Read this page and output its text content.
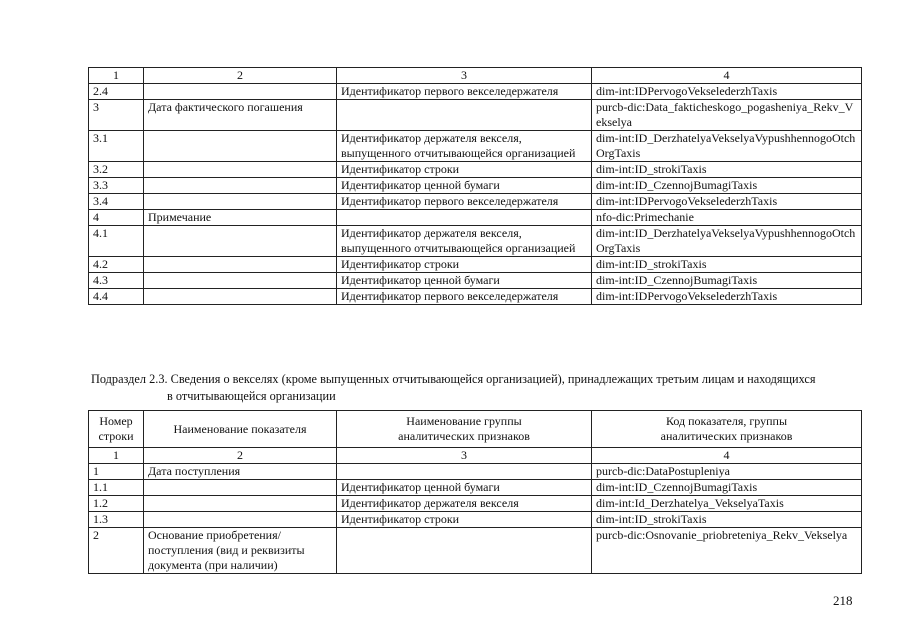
1	2	3	4
2.4		Идентификатор первого векселедержателя	dim-int:IDPervogoVekselederzhTaxis
3	Дата фактического погашения		purcb-dic:Data_fakticheskogo_pogasheniya_Rekv_Vekselya
3.1		Идентификатор держателя векселя, выпущенного отчитывающейся организацией	dim-int:ID_DerzhatelyaVekselyaVypushhennogoOtchOrgTaxis
3.2		Идентификатор строки	dim-int:ID_strokiTaxis
3.3		Идентификатор ценной бумаги	dim-int:ID_CzennojBumagiTaxis
3.4		Идентификатор первого векселедержателя	dim-int:IDPervogoVekselederzhTaxis
4	Примечание		nfo-dic:Primechanie
4.1		Идентификатор держателя векселя, выпущенного отчитывающейся организацией	dim-int:ID_DerzhatelyaVekselyaVypushhennogoOtchOrgTaxis
4.2		Идентификатор строки	dim-int:ID_strokiTaxis
4.3		Идентификатор ценной бумаги	dim-int:ID_CzennojBumagiTaxis
4.4		Идентификатор первого векселедержателя	dim-int:IDPervogoVekselederzhTaxis
Подраздел 2.3. Сведения о векселях (кроме выпущенных отчитывающейся организацией), принадлежащих третьим лицам и находящихся
в отчитывающейся организации
Номер строки	Наименование показателя	Наименование группы аналитических признаков	Код показателя, группы аналитических признаков
1	2	3	4
1	Дата поступления		purcb-dic:DataPostupleniya
1.1		Идентификатор ценной бумаги	dim-int:ID_CzennojBumagiTaxis
1.2		Идентификатор держателя векселя	dim-int:Id_Derzhatelya_VekselyaTaxis
1.3		Идентификатор строки	dim-int:ID_strokiTaxis
2	Основание приобретения/ поступления (вид и реквизиты документа (при наличии)		purcb-dic:Osnovanie_priobreteniya_Rekv_Vekselya
218
